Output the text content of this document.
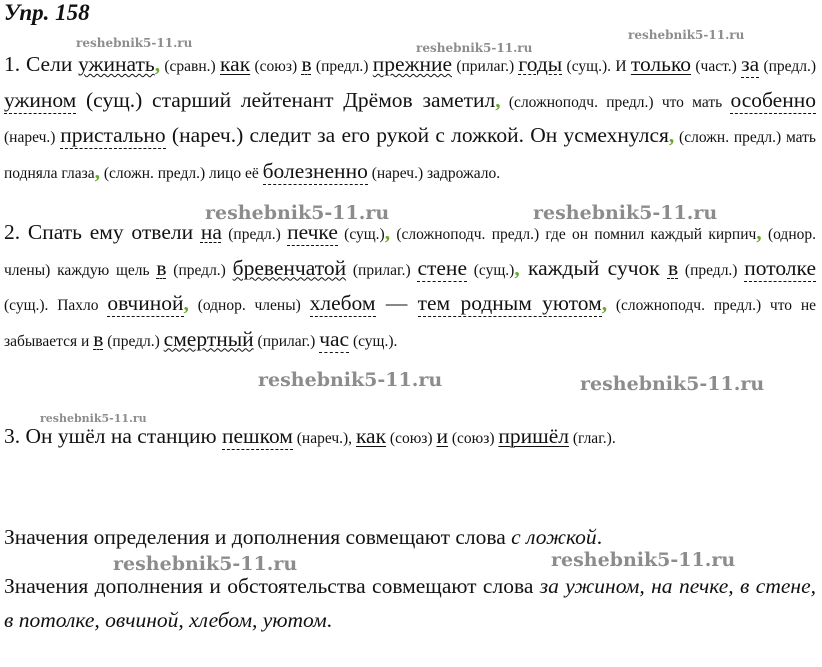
Упр. 158
1. Сели ужинать, (сравн.) как (союз) в (предл.) прежние (прилаг.) годы (сущ.). И только (част.) за (предл.) ужином (сущ.) старший лейтенант Дрёмов заметил, (сложноподч. предл.) что мать особенно (нареч.) пристально (нареч.) следит за его рукой с ложкой. Он усмехнулся, (сложн. предл.) мать подняла глаза, (сложн. предл.) лицо её болезненно (нареч.) задрожало.
2. Спать ему отвели на (предл.) печке (сущ.), (сложноподч. предл.) где он помнил каждый кирпич, (однор. члены) каждую щель в (предл.) бревенчатой (прилаг.) стене (сущ.), каждый сучок в (предл.) потолке (сущ.). Пахло овчиной, (однор. члены) хлебом — тем родным уютом, (сложноподч. предл.) что не забывается и в (предл.) смертный (прилаг.) час (сущ.).
3. Он ушёл на станцию пешком (нареч.), как (союз) и (союз) пришёл (глаг.).
Значения определения и дополнения совмещают слова с ложкой.
Значения дополнения и обстоятельства совмещают слова за ужином, на печке, в стене, в потолке, овчиной, хлебом, уютом.
reshebnik5-11.ru	reshebnik5-11.ru
reshebnik5-11.ru
reshebnik5-11.ru	reshebnik5-11.ru
reshebnik5-11.ru	reshebnik5-11.ru
reshebnik5-11.ru
reshebnik5-11.ru	reshebnik5-11.ru
